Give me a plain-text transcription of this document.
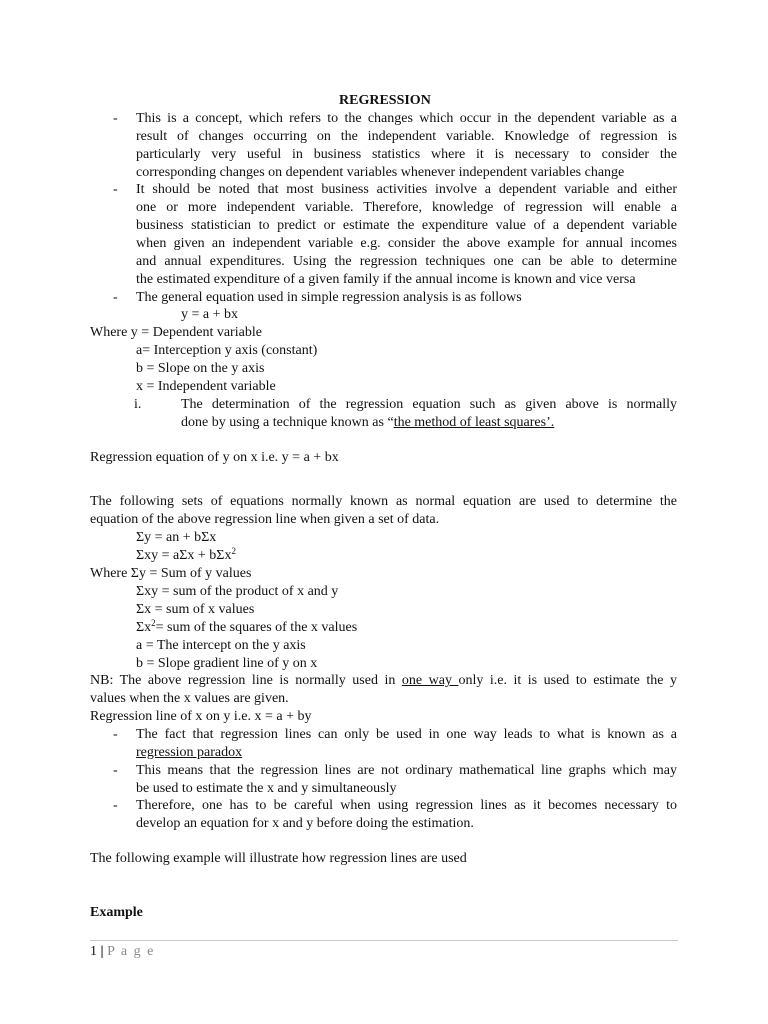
REGRESSION
- This is a concept, which refers to the changes which occur in the dependent variable as a
result of changes occurring on the independent variable. Knowledge of regression is
particularly very useful in business statistics where it is necessary to consider the
corresponding changes on dependent variables whenever independent variables change
- It should be noted that most business activities involve a dependent variable and either
one or more independent variable. Therefore, knowledge of regression will enable a
business statistician to predict or estimate the expenditure value of a dependent variable
when given an independent variable e.g. consider the above example for annual incomes
and annual expenditures. Using the regression techniques one can be able to determine
the estimated expenditure of a given family if the annual income is known and vice versa
- The general equation used in simple regression analysis is as follows
y = a + bx
Where y = Dependent variable
a= Interception y axis (constant)
b = Slope on the y axis
x = Independent variable
i.	The determination of the regression equation such as given above is normally
done by using a technique known as “the method of least squares’.
Regression equation of y on x i.e. y = a + bx
The following sets of equations normally known as normal equation are used to determine the
equation of the above regression line when given a set of data.
Σy = an + bΣx
Σxy = aΣx + bΣx$^2$
Where Σy = Sum of y values
Σxy = sum of the product of x and y
Σx = sum of x values
$\Sigma x^2=$ sum of the squares of the x values
a = The intercept on the y axis
b = Slope gradient line of y on x
NB: The above regression line is normally used in one way only i.e. it is used to estimate the y
values when the x values are given.
Regression line of x on y i.e. x = a + by
- The fact that regression lines can only be used in one way leads to what is known as a
regression paradox
- This means that the regression lines are not ordinary mathematical line graphs which may
be used to estimate the x and y simultaneously
- Therefore, one has to be careful when using regression lines as it becomes necessary to
develop an equation for x and y before doing the estimation.
The following example will illustrate how regression lines are used
Example
1 | P a g e
